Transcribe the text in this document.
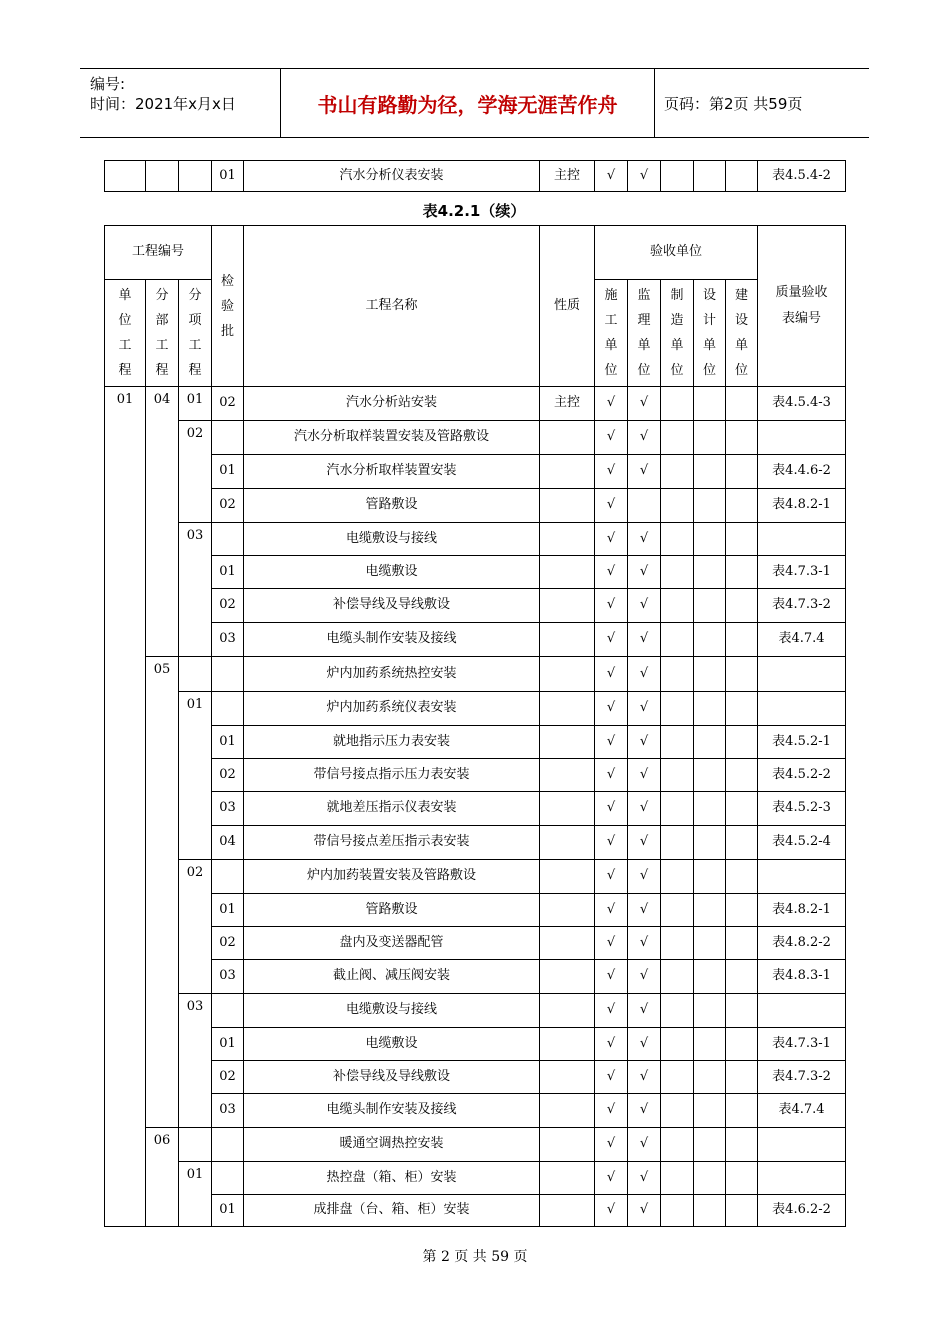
编号:
时间：2021年x月x日	书山有路勤为径，学海无涯苦作舟	页码：第2页 共59页
			01	汽水分析仪表安装	主控	√	√				表4.5.4-2
表4.2.1（续）
工程编号			检验批	工程名称	性质	验收单位					质量验收表编号
单位工程	分部工程	分项工程				施工单位	监理单位	制造单位	设计单位	建设单位	
01	04	01	02	汽水分析站安装	主控	√	√				表4.5.4-3
		02		汽水分析取样装置安装及管路敷设		√	√				
			01	汽水分析取样装置安装		√	√				表4.4.6-2
			02	管路敷设		√					表4.8.2-1
		03		电缆敷设与接线		√	√				
			01	电缆敷设		√	√				表4.7.3-1
			02	补偿导线及导线敷设		√	√				表4.7.3-2
			03	电缆头制作安装及接线		√	√				表4.7.4
	05			炉内加药系统热控安装		√	√				
		01		炉内加药系统仪表安装		√	√				
			01	就地指示压力表安装		√	√				表4.5.2-1
			02	带信号接点指示压力表安装		√	√				表4.5.2-2
			03	就地差压指示仪表安装		√	√				表4.5.2-3
			04	带信号接点差压指示表安装		√	√				表4.5.2-4
		02		炉内加药装置安装及管路敷设		√	√				
			01	管路敷设		√	√				表4.8.2-1
			02	盘内及变送器配管		√	√				表4.8.2-2
			03	截止阀、减压阀安装		√	√				表4.8.3-1
		03		电缆敷设与接线		√	√				
			01	电缆敷设		√	√				表4.7.3-1
			02	补偿导线及导线敷设		√	√				表4.7.3-2
			03	电缆头制作安装及接线		√	√				表4.7.4
	06			暖通空调热控安装		√	√				
		01		热控盘（箱、柜）安装		√	√				
			01	成排盘（台、箱、柜）安装		√	√				表4.6.2-2
第 2 页 共 59 页
